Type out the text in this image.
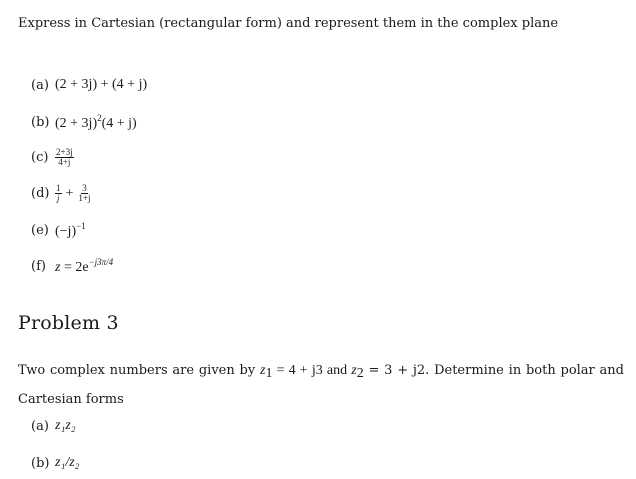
Express in Cartesian (rectangular form) and represent them in the complex plane
(a) (2 + 3j) + (4 + j)
(b) $(2 + 3j)^2(4 + j)$
$(c) \frac{2+3j}{4+j}$
$(d) \frac{1}{j} + \frac{3}{1+j}$
(e) $(-j)^{-1}$
(f) $z = 2e^{-j3\pi/4}$
Problem 3
Two complex numbers are given by $z_1 = 4 + j3$ and $z_2 = 3 + j2$. Determine in both polar and
Cartesian forms
(a) z₁z₂
(b) z₁/z₂
